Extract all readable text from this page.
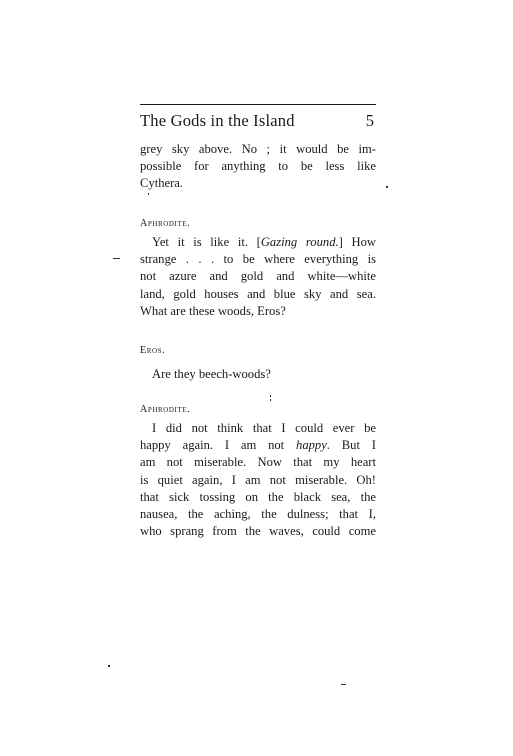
The Gods in the Island	5
grey sky above. No ; it would be im-
possible for anything to be less like
Cythera.
Aphrodite.
Yet it is like it. [Gazing round.] How
strange . . . to be where everything is
not azure and gold and white—white
land, gold houses and blue sky and sea.
What are these woods, Eros?
Eros.
Are they beech-woods?
Aphrodite.
I did not think that I could ever be
happy again. I am not happy. But I
am not miserable. Now that my heart
is quiet again, I am not miserable. Oh!
that sick tossing on the black sea, the
nausea, the aching, the dulness; that I,
who sprang from the waves, could come
